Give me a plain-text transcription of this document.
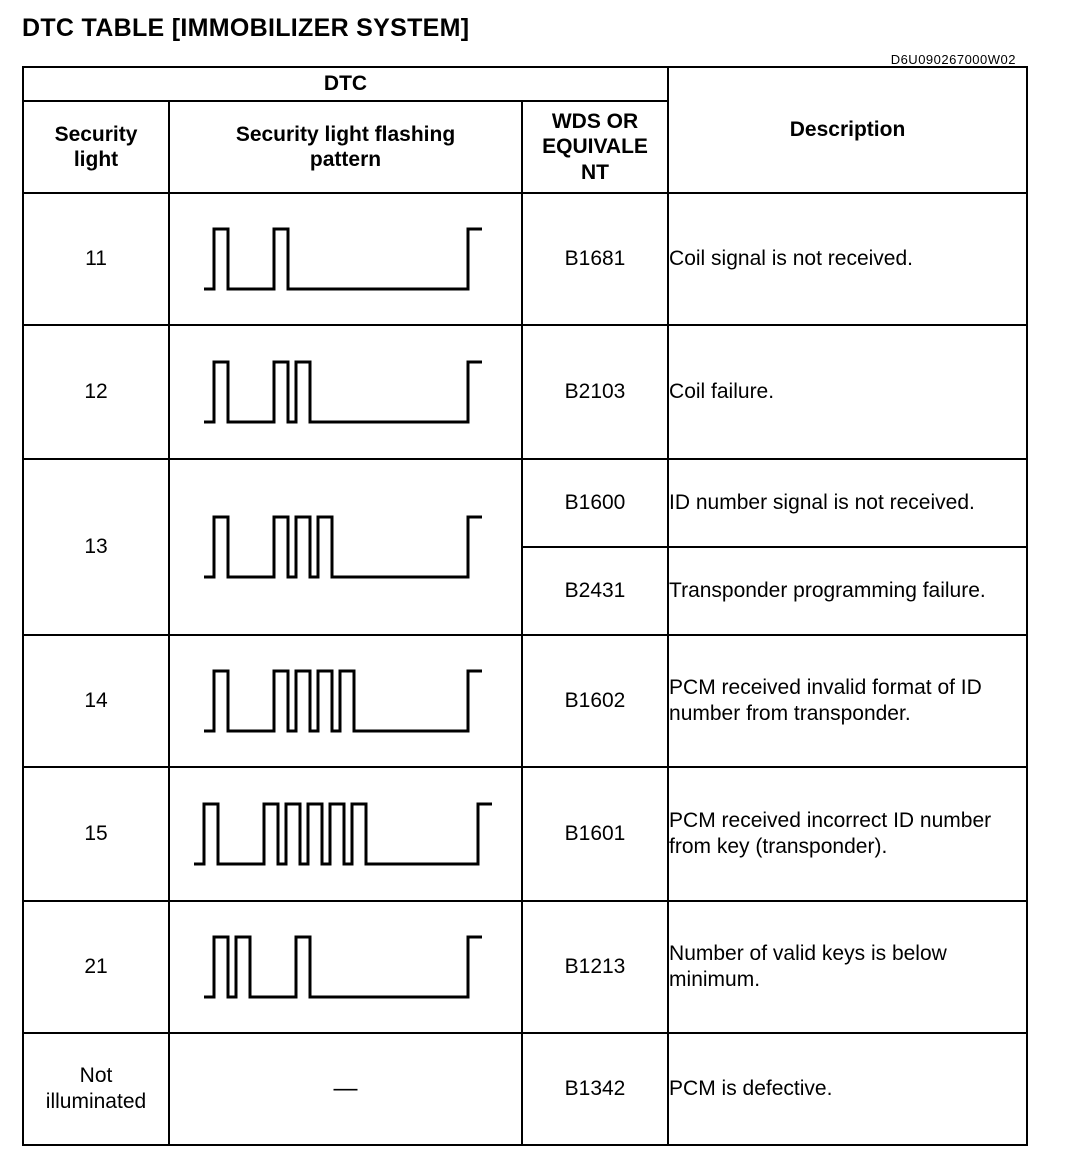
DTC TABLE [IMMOBILIZER SYSTEM]
D6U090267000W02
DTC			Description

Security light	Security light flashing pattern	WDS OR EQUIVALE NT	

11		B1681	Coil signal is not received.
12		B2103	Coil failure.
13		B1600	ID number signal is not received.
		B2431	Transponder programming failure.
14		B1602	PCM received invalid format of ID number from transponder.
15		B1601	PCM received incorrect ID number from key (transponder).
21		B1213	Number of valid keys is below minimum.

Not illuminated	—	B1342	PCM is defective.
